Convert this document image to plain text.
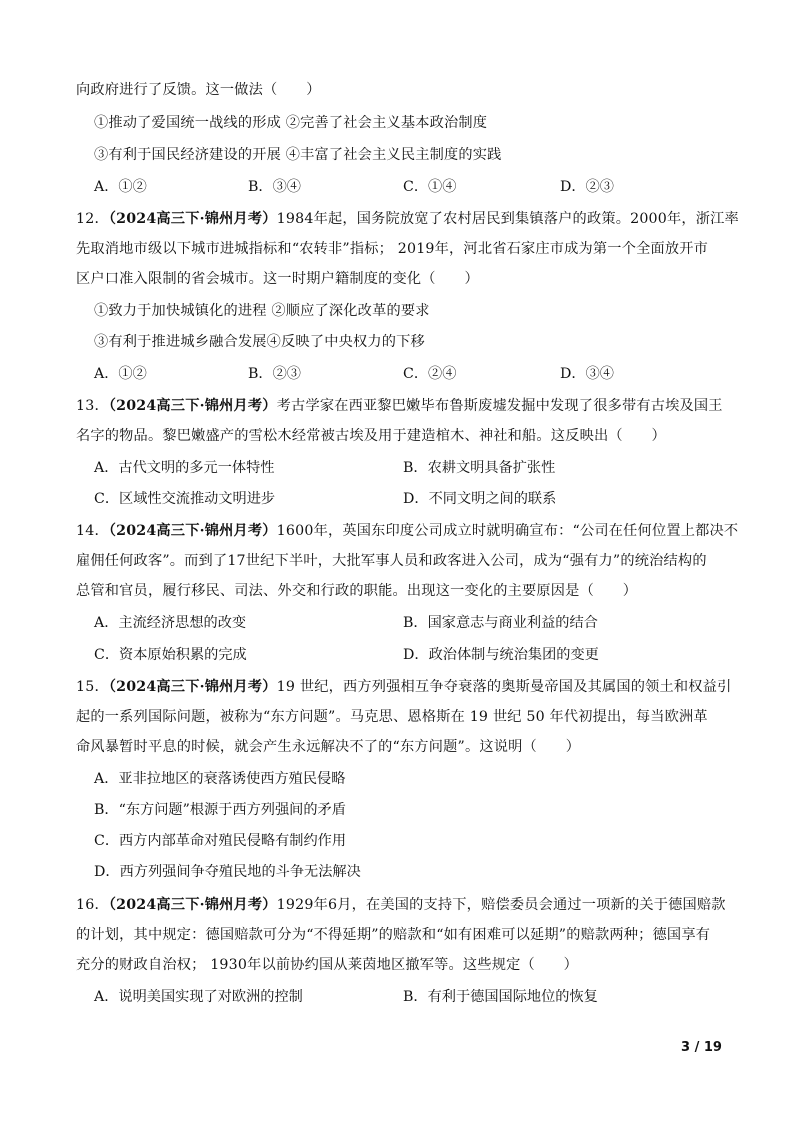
向政府进行了反馈。这一做法（　　）
①推动了爱国统一战线的形成 ②完善了社会主义基本政治制度
③有利于国民经济建设的开展 ④丰富了社会主义民主制度的实践
A．①②	B．③④	C．①④	D．②③
12．（2024高三下·锦州月考）1984年起，国务院放宽了农村居民到集镇落户的政策。2000年，浙江率
先取消地市级以下城市进城指标和“农转非”指标； 2019年，河北省石家庄市成为第一个全面放开市
区户口准入限制的省会城市。这一时期户籍制度的变化（　　）
①致力于加快城镇化的进程 ②顺应了深化改革的要求
③有利于推进城乡融合发展④反映了中央权力的下移
A．①②	B．②③	C．②④	D．③④
13．（2024高三下·锦州月考）考古学家在西亚黎巴嫩毕布鲁斯废墟发掘中发现了很多带有古埃及国王
名字的物品。黎巴嫩盛产的雪松木经常被古埃及用于建造棺木、神社和船。这反映出（　　）
A．古代文明的多元一体特性	B．农耕文明具备扩张性
C．区域性交流推动文明进步	D．不同文明之间的联系
14．（2024高三下·锦州月考）1600年，英国东印度公司成立时就明确宣布：“公司在任何位置上都决不
雇佣任何政客”。而到了17世纪下半叶，大批军事人员和政客进入公司，成为“强有力”的统治结构的
总管和官员，履行移民、司法、外交和行政的职能。出现这一变化的主要原因是（　　）
A．主流经济思想的改变	B．国家意志与商业利益的结合
C．资本原始积累的完成	D．政治体制与统治集团的变更
15．（2024高三下·锦州月考）19 世纪，西方列强相互争夺衰落的奥斯曼帝国及其属国的领土和权益引
起的一系列国际问题，被称为“东方问题”。马克思、恩格斯在 19 世纪 50 年代初提出，每当欧洲革
命风暴暂时平息的时候，就会产生永远解决不了的“东方问题”。这说明（　　）
A．亚非拉地区的衰落诱使西方殖民侵略
B．“东方问题”根源于西方列强间的矛盾
C．西方内部革命对殖民侵略有制约作用
D．西方列强间争夺殖民地的斗争无法解决
16．（2024高三下·锦州月考）1929年6月，在美国的支持下，赔偿委员会通过一项新的关于德国赔款
的计划，其中规定：德国赔款可分为“不得延期”的赔款和“如有困难可以延期”的赔款两种；德国享有
充分的财政自治权； 1930年以前协约国从莱茵地区撤军等。这些规定（　　）
A．说明美国实现了对欧洲的控制	B．有利于德国国际地位的恢复
3 / 19
